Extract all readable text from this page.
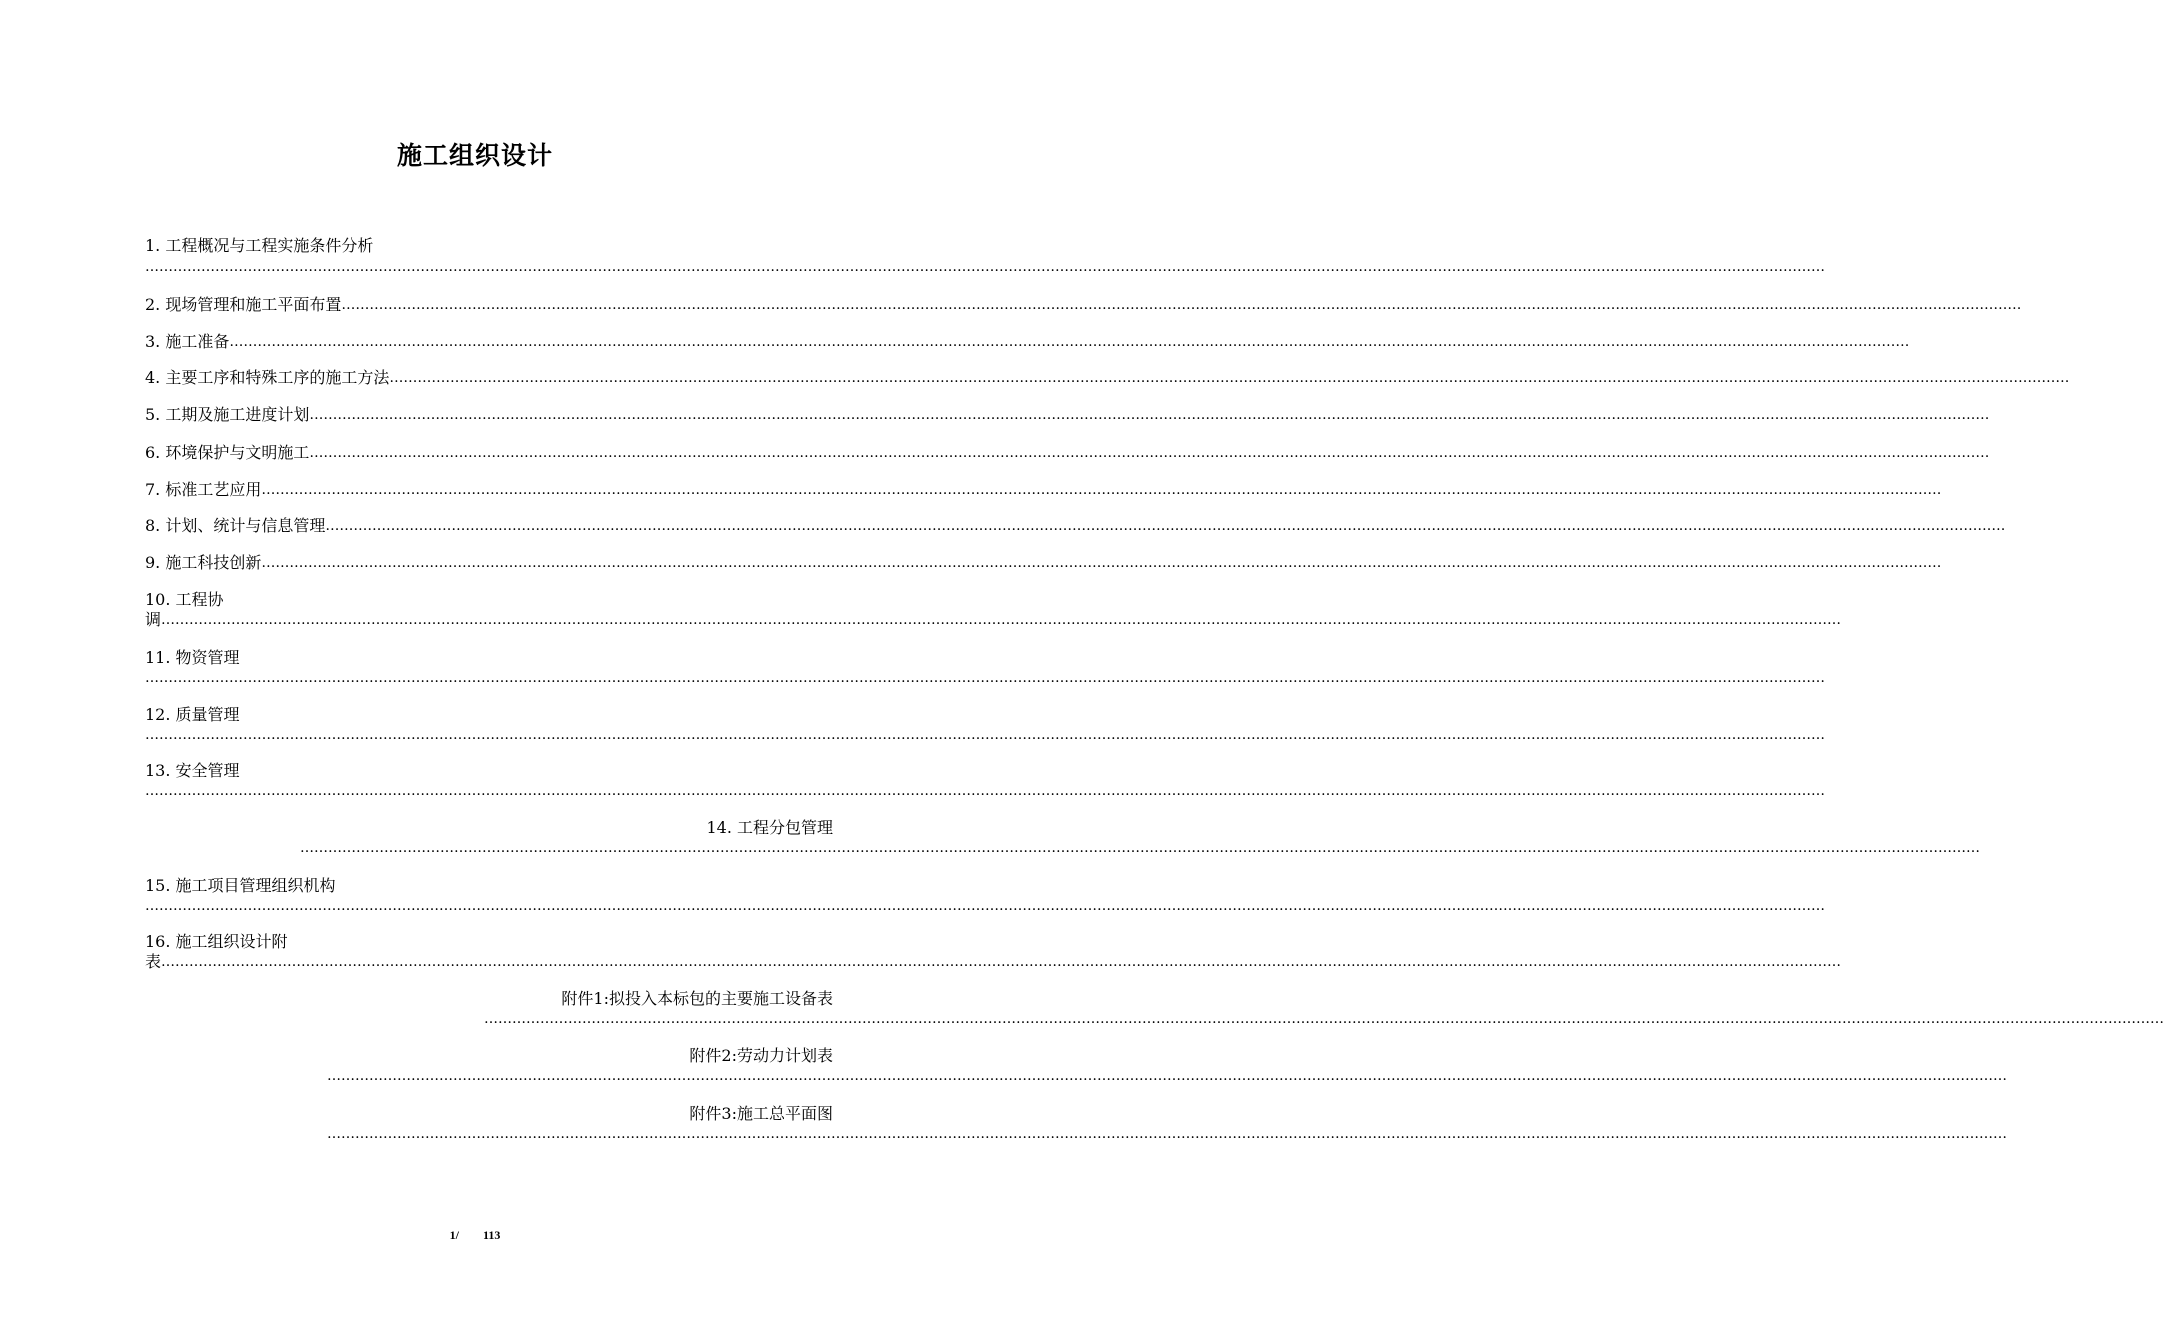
施工组织设计
1. 工程概况与工程实施条件分析
………………………………………………………………………………………………………………………………………………………………………………………………………………………………………………………………………………………………………………………………
2. 现场管理和施工平面布置………………………………………………………………………………………………………………………………………………………………………………………………………………………………………………………………………………………………………………………………
3. 施工准备………………………………………………………………………………………………………………………………………………………………………………………………………………………………………………………………………………………………………………………………
4. 主要工序和特殊工序的施工方法………………………………………………………………………………………………………………………………………………………………………………………………………………………………………………………………………………………………………………………………
5. 工期及施工进度计划………………………………………………………………………………………………………………………………………………………………………………………………………………………………………………………………………………………………………………………………
6. 环境保护与文明施工………………………………………………………………………………………………………………………………………………………………………………………………………………………………………………………………………………………………………………………………
7. 标准工艺应用………………………………………………………………………………………………………………………………………………………………………………………………………………………………………………………………………………………………………………………………
8. 计划、统计与信息管理………………………………………………………………………………………………………………………………………………………………………………………………………………………………………………………………………………………………………………………………
9. 施工科技创新………………………………………………………………………………………………………………………………………………………………………………………………………………………………………………………………………………………………………………………………
10. 工程协
调………………………………………………………………………………………………………………………………………………………………………………………………………………………………………………………………………………………………………………………………
11. 物资管理
………………………………………………………………………………………………………………………………………………………………………………………………………………………………………………………………………………………………………………………………
12. 质量管理
………………………………………………………………………………………………………………………………………………………………………………………………………………………………………………………………………………………………………………………………
13. 安全管理
………………………………………………………………………………………………………………………………………………………………………………………………………………………………………………………………………………………………………………………………
14. 工程分包管理
………………………………………………………………………………………………………………………………………………………………………………………………………………………………………………………………………………………………………………………………
15. 施工项目管理组织机构
………………………………………………………………………………………………………………………………………………………………………………………………………………………………………………………………………………………………………………………………
16. 施工组织设计附
表………………………………………………………………………………………………………………………………………………………………………………………………………………………………………………………………………………………………………………………………
附件1:拟投入本标包的主要施工设备表
………………………………………………………………………………………………………………………………………………………………………………………………………………………………………………………………………………………………………………………………
附件2:劳动力计划表
………………………………………………………………………………………………………………………………………………………………………………………………………………………………………………………………………………………………………………………………
附件3:施工总平面图
………………………………………………………………………………………………………………………………………………………………………………………………………………………………………………………………………………………………………………………………
1/ 113
